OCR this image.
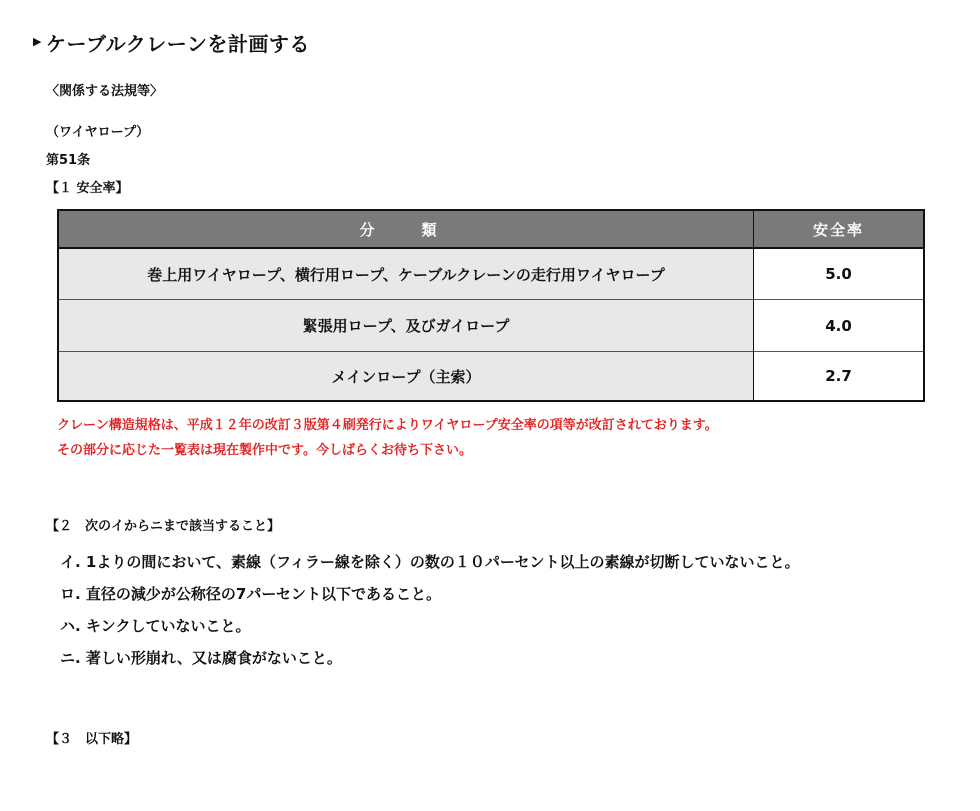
▶ ケーブルクレーンを計画する
〈関係する法規等〉
（ワイヤロープ）
第51条
【１ 安全率】
分　類	安全率
巻上用ワイヤロープ、横行用ロープ、ケーブルクレーンの走行用ワイヤロープ	5.0
緊張用ロープ、及びガイロープ	4.0
メインロープ（主索）	2.7
クレーン構造規格は、平成１２年の改訂３版第４刷発行によりワイヤロープ安全率の項等が改訂されております。
その部分に応じた一覧表は現在製作中です。今しばらくお待ち下さい。
【２　次のイからニまで該当すること】
イ. 1よりの間において、素線（フィラー線を除く）の数の１０パーセント以上の素線が切断していないこと。
ロ. 直径の減少が公称径の7パーセント以下であること。
ハ. キンクしていないこと。
ニ. 著しい形崩れ、又は腐食がないこと。
【３　以下略】
